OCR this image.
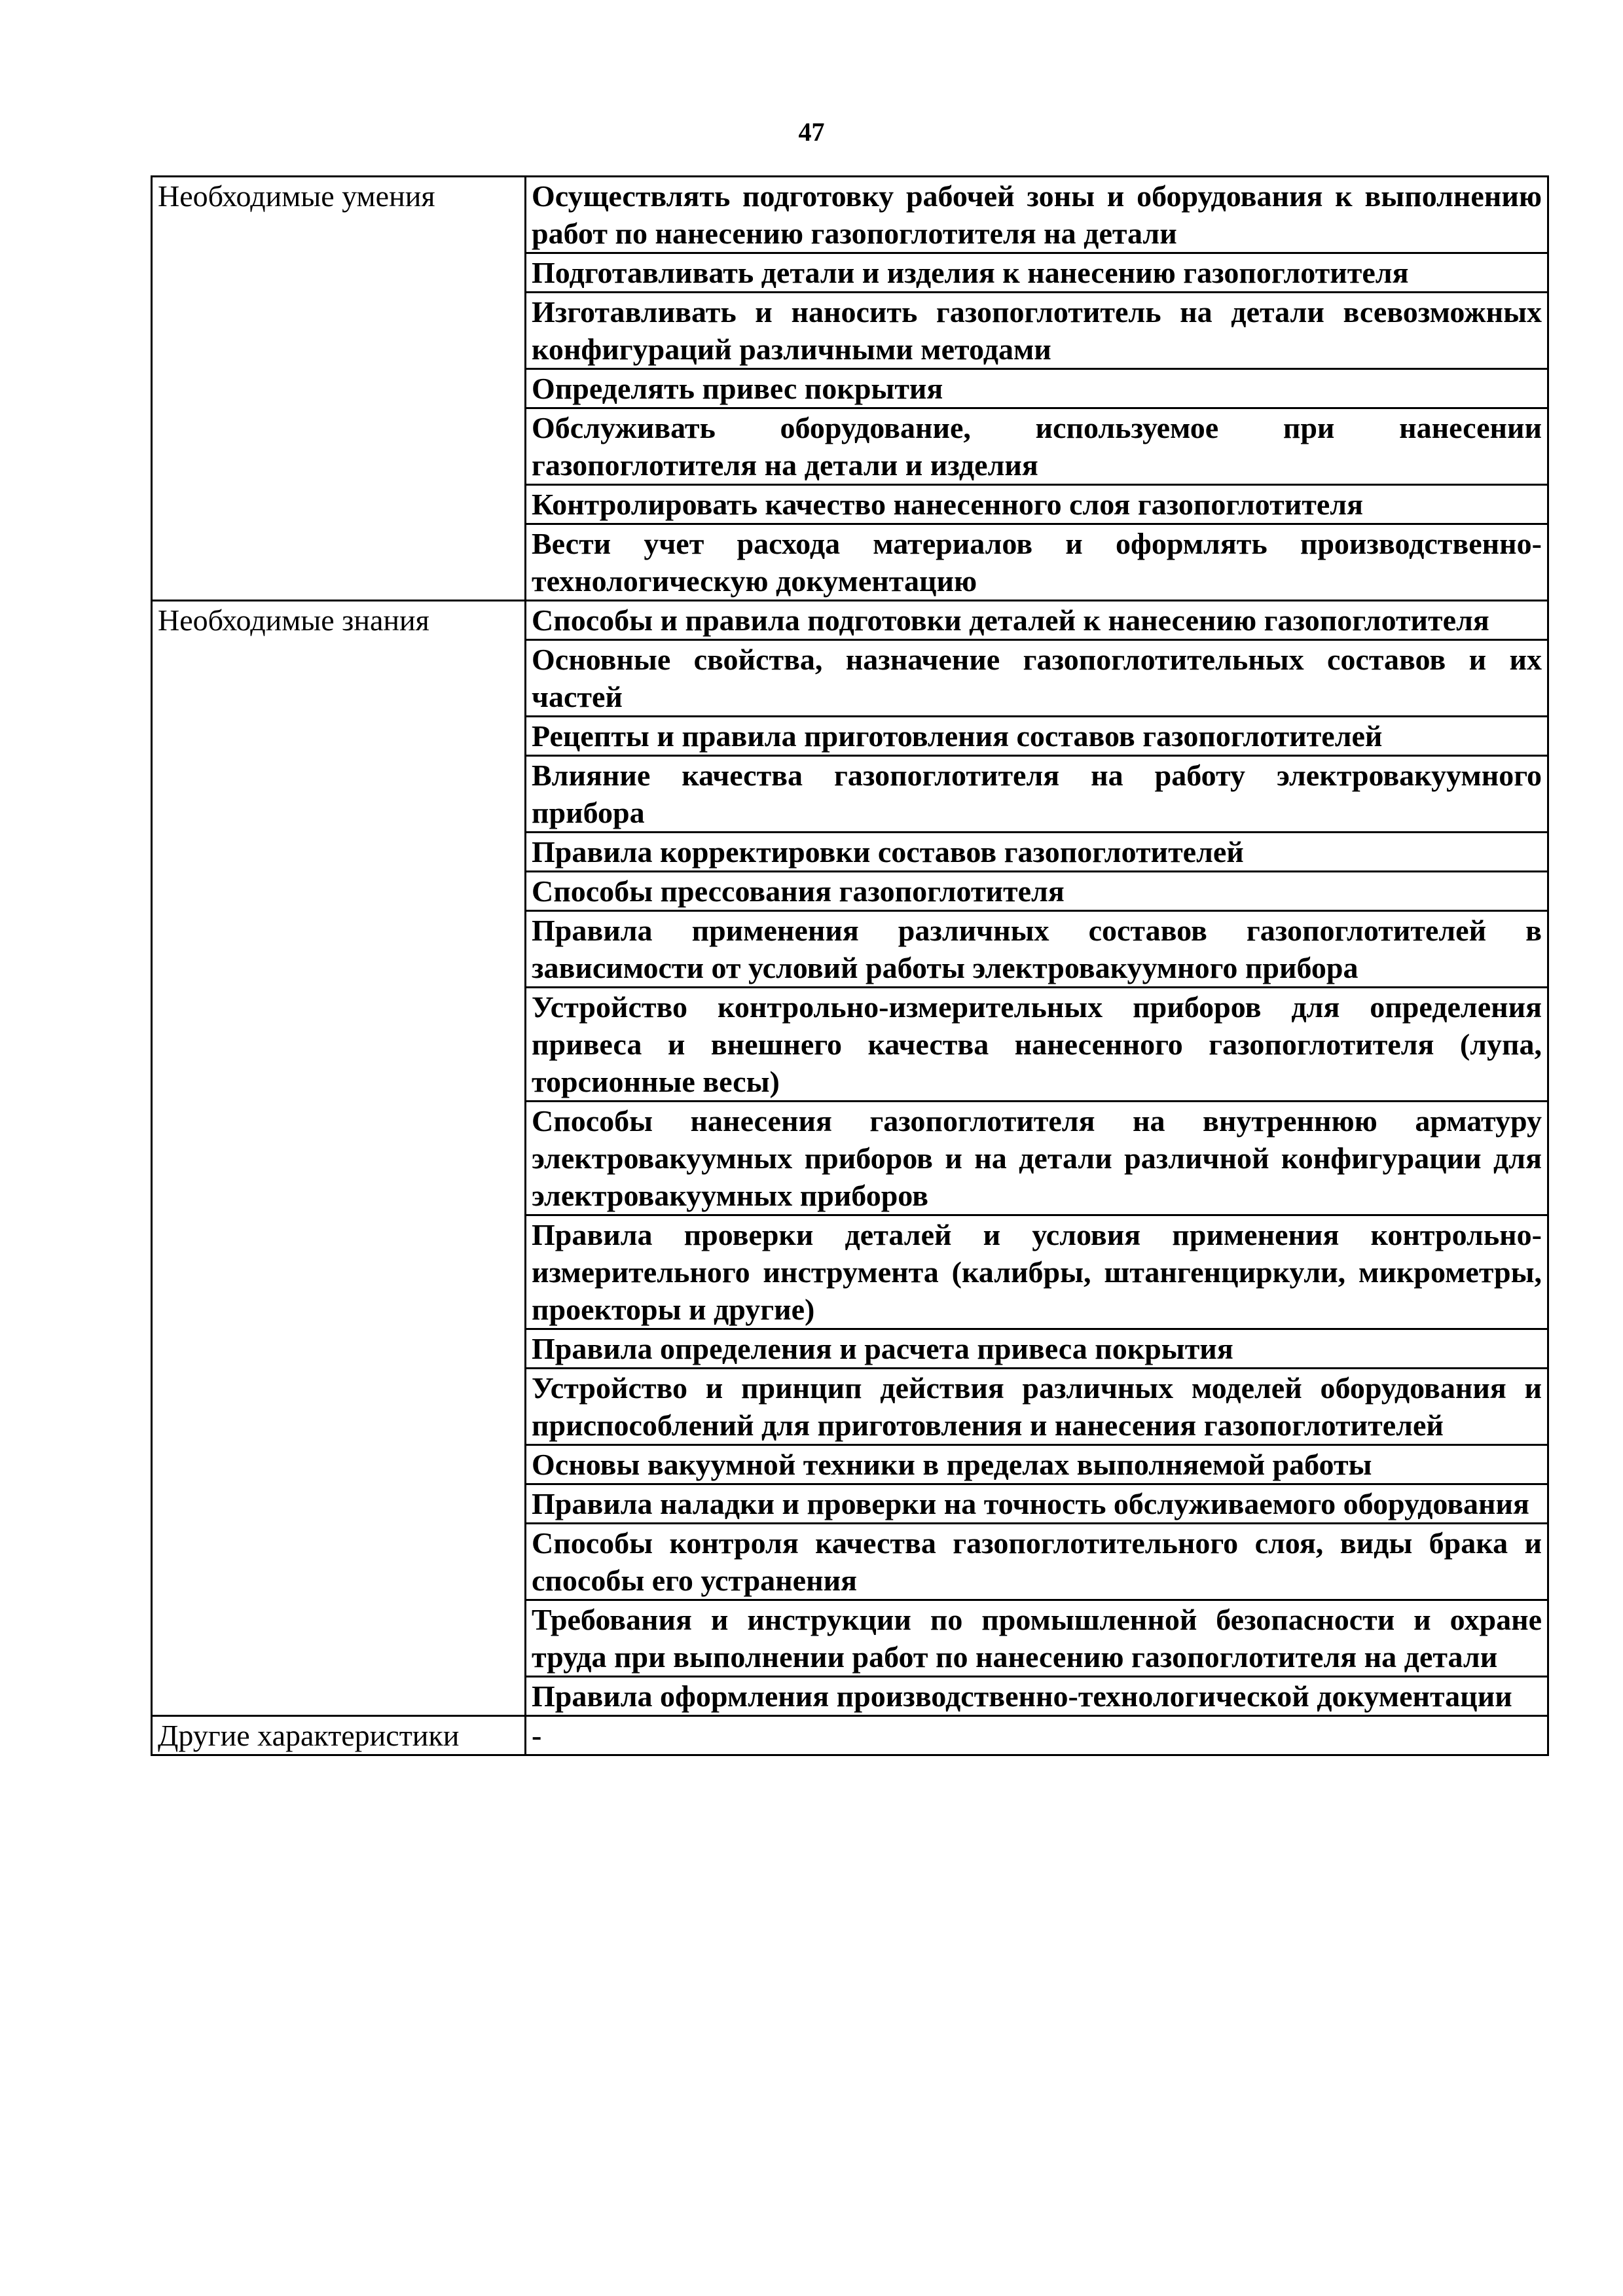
47
Необходимые умения	Осуществлять подготовку рабочей зоны и оборудования к выполнению работ по нанесению газопоглотителя на детали
	Подготавливать детали и изделия к нанесению газопоглотителя
	Изготавливать и наносить газопоглотитель на детали всевозможных конфигураций различными методами
	Определять привес покрытия
	Обслуживать оборудование, используемое при нанесении газопоглотителя на детали и изделия
	Контролировать качество нанесенного слоя газопоглотителя
	Вести учет расхода материалов и оформлять производственно-технологическую документацию
Необходимые знания	Способы и правила подготовки деталей к нанесению газопоглотителя
	Основные свойства, назначение газопоглотительных составов и их частей
	Рецепты и правила приготовления составов газопоглотителей
	Влияние качества газопоглотителя на работу электровакуумного прибора
	Правила корректировки составов газопоглотителей
	Способы прессования газопоглотителя
	Правила применения различных составов газопоглотителей в зависимости от условий работы электровакуумного прибора
	Устройство контрольно-измерительных приборов для определения привеса и внешнего качества нанесенного газопоглотителя (лупа, торсионные весы)
	Способы нанесения газопоглотителя на внутреннюю арматуру электровакуумных приборов и на детали различной конфигурации для электровакуумных приборов
	Правила проверки деталей и условия применения контрольно-измерительного инструмента (калибры, штангенциркули, микрометры, проекторы и другие)
	Правила определения и расчета привеса покрытия
	Устройство и принцип действия различных моделей оборудования и приспособлений для приготовления и нанесения газопоглотителей
	Основы вакуумной техники в пределах выполняемой работы
	Правила наладки и проверки на точность обслуживаемого оборудования
	Способы контроля качества газопоглотительного слоя, виды брака и способы его устранения
	Требования и инструкции по промышленной безопасности и охране труда при выполнении работ по нанесению газопоглотителя на детали
	Правила оформления производственно-технологической документации
Другие характеристики	-
